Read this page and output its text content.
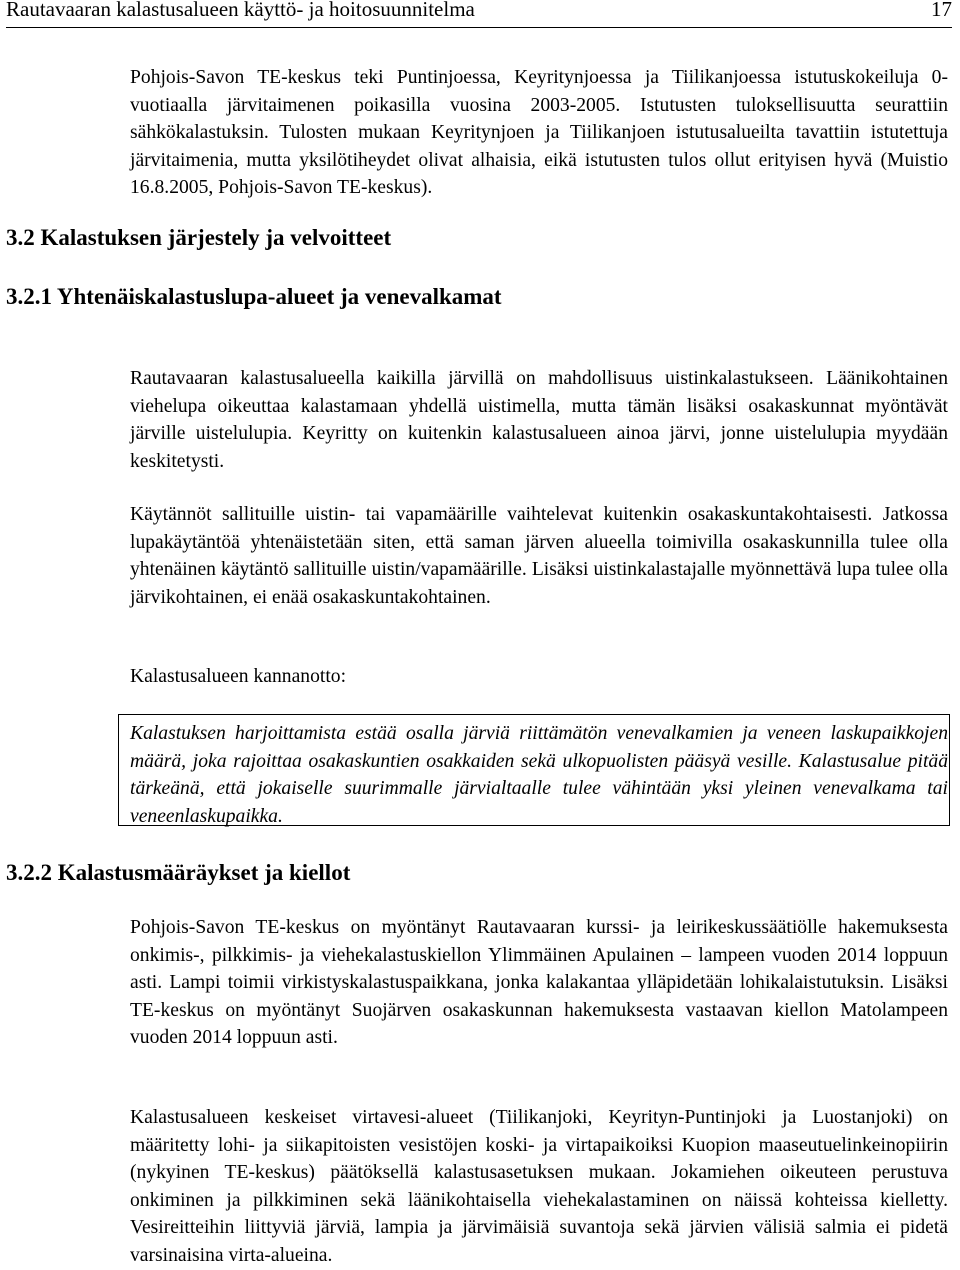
Rautavaaran kalastusalueen käyttö- ja hoitosuunnitelma	17

Pohjois-Savon TE-keskus teki Puntinjoessa, Keyritynjoessa ja Tiilikanjoessa istutuskokeiluja 0-vuotiaalla järvitaimenen poikasilla vuosina 2003-2005. Istutusten tuloksellisuutta seurattiin sähkökalastuksin. Tulosten mukaan Keyritynjoen ja Tiilikanjoen istutusalueilta tavattiin istutettuja järvitaimenia, mutta yksilötiheydet olivat alhaisia, eikä istutusten tulos ollut erityisen hyvä (Muistio 16.8.2005, Pohjois-Savon TE-keskus).

3.2 Kalastuksen järjestely ja velvoitteet
3.2.1 Yhtenäiskalastuslupa-alueet ja venevalkamat

Rautavaaran kalastusalueella kaikilla järvillä on mahdollisuus uistinkalastukseen. Läänikohtainen viehelupa oikeuttaa kalastamaan yhdellä uistimella, mutta tämän lisäksi osakaskunnat myöntävät järville uistelulupia. Keyritty on kuitenkin kalastusalueen ainoa järvi, jonne uistelulupia myydään keskitetysti.

Käytännöt sallituille uistin- tai vapamäärille vaihtelevat kuitenkin osakaskuntakohtaisesti. Jatkossa lupakäytäntöä yhtenäistetään siten, että saman järven alueella toimivilla osakaskunnilla tulee olla yhtenäinen käytäntö sallituille uistin/vapamäärille. Lisäksi uistinkalastajalle myönnettävä lupa tulee olla järvikohtainen, ei enää osakaskuntakohtainen.

Kalastusalueen kannanotto:

Kalastuksen harjoittamista estää osalla järviä riittämätön venevalkamien ja veneen laskupaikkojen määrä, joka rajoittaa osakaskuntien osakkaiden sekä ulkopuolisten pääsyä vesille. Kalastusalue pitää tärkeänä, että jokaiselle suurimmalle järvialtaalle tulee vähintään yksi yleinen venevalkama tai veneenlaskupaikka.

3.2.2 Kalastusmääräykset ja kiellot

Pohjois-Savon TE-keskus on myöntänyt Rautavaaran kurssi- ja leirikeskussäätiölle hakemuksesta onkimis-, pilkkimis- ja viehekalastuskiellon Ylimmäinen Apulainen – lampeen vuoden 2014 loppuun asti. Lampi toimii virkistyskalastuspaikkana, jonka kalakantaa ylläpidetään lohikalaistutuksin. Lisäksi TE-keskus on myöntänyt Suojärven osakaskunnan hakemuksesta vastaavan kiellon Matolampeen vuoden 2014 loppuun asti.

Kalastusalueen keskeiset virtavesi-alueet (Tiilikanjoki, Keyrityn-Puntinjoki ja Luostanjoki) on määritetty lohi- ja siikapitoisten vesistöjen koski- ja virtapaikoiksi Kuopion maaseutuelinkeinopiirin (nykyinen TE-keskus) päätöksellä kalastusasetuksen mukaan. Jokamiehen oikeuteen perustuva onkiminen ja pilkkiminen sekä läänikohtaisella viehekalastaminen on näissä kohteissa kielletty. Vesireitteihin liittyviä järviä, lampia ja järvimäisiä suvantoja sekä järvien välisiä salmia ei pidetä varsinaisina virta-alueina.
